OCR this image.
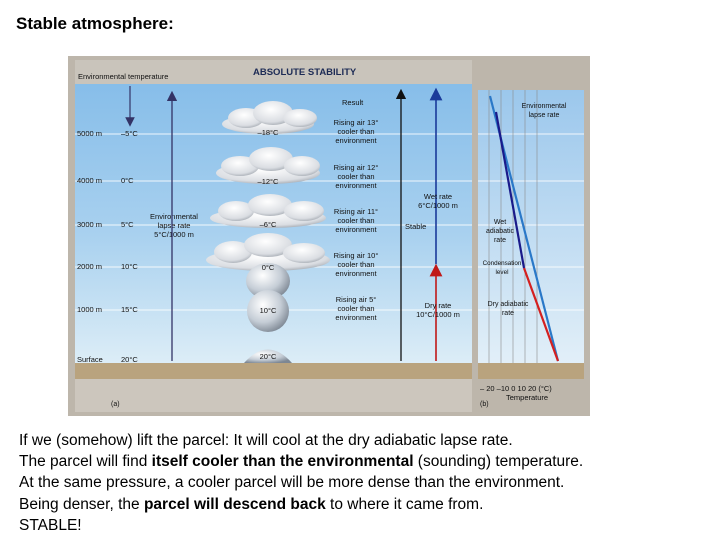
Stable atmosphere:
Environmental temperature	ABSOLUTE STABILITY
Result
5000 m
4000 m
3000 m
2000 m
1000 m
Surface
–5°C
0°C
5°C
10°C
15°C
20°C
Environmental
lapse rate
5°C/1000 m
–18°C
–12°C
–6°C
0°C
10°C
20°C
Rising air 13°
cooler than
environment
Rising air 12°
cooler than
environment
Rising air 11°
cooler than
environment
Rising air 10°
cooler than
environment
Rising air 5°
cooler than
environment
Stable
Wet rate
6°C/1000 m
Dry rate
10°C/1000 m
(a)
Environmental
lapse rate
Wet
adiabatic
rate
Condensation
level
Dry adiabatic
rate
– 20 –10 0 10 20 (°C)
Temperature
(b)
If we (somehow) lift the parcel: It will cool at the dry adiabatic lapse rate.
The parcel will find itself cooler than the environmental (sounding) temperature.
At the same pressure, a cooler parcel will be more dense than the environment.
Being denser, the parcel will descend back to where it came from.
STABLE!
